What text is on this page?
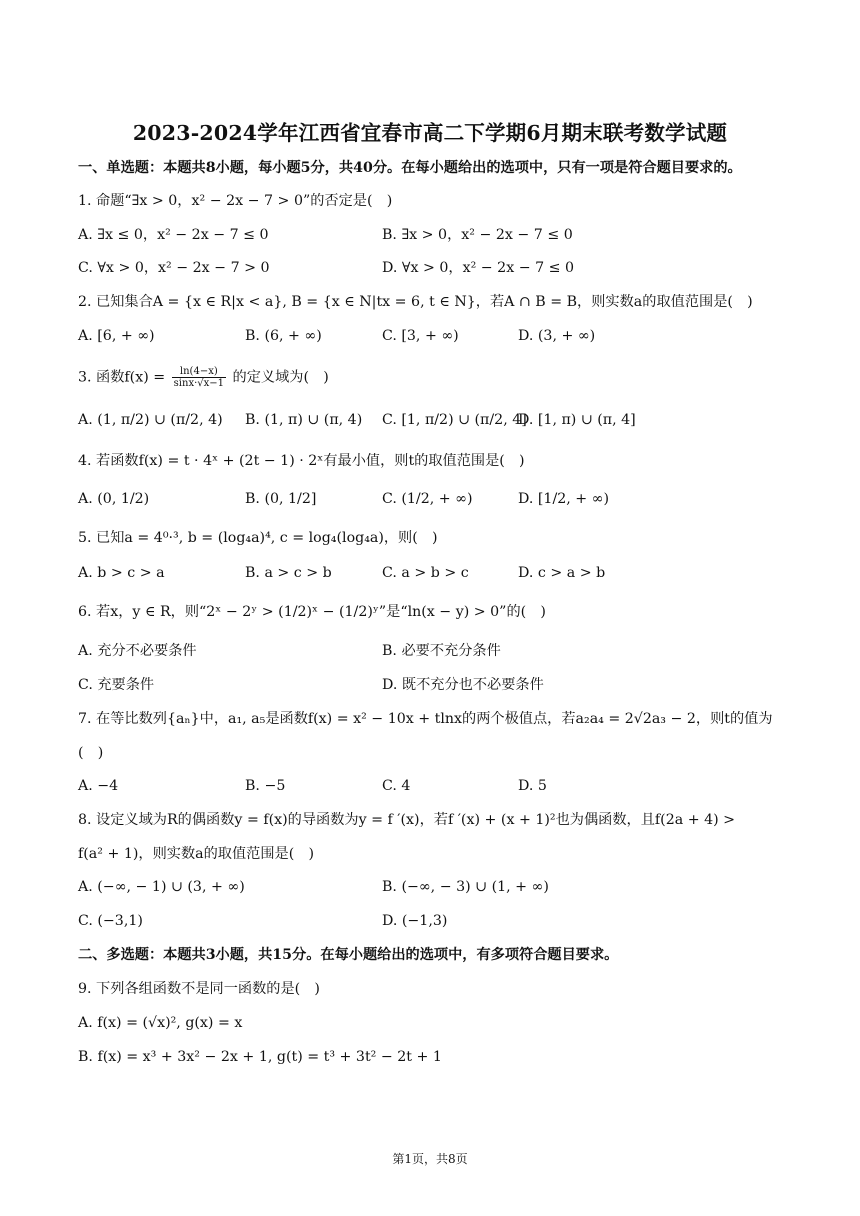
2023-2024学年江西省宜春市高二下学期6月期末联考数学试题
一、单选题：本题共8小题，每小题5分，共40分。在每小题给出的选项中，只有一项是符合题目要求的。
1. 命题“∃x > 0，x² − 2x − 7 > 0”的否定是(　)
A. ∃x ≤ 0，x² − 2x − 7 ≤ 0	B. ∃x > 0，x² − 2x − 7 ≤ 0
C. ∀x > 0，x² − 2x − 7 > 0	D. ∀x > 0，x² − 2x − 7 ≤ 0
2. 已知集合A = {x ∈ R|x < a}, B = {x ∈ N|tx = 6, t ∈ N}，若A ∩ B = B，则实数a的取值范围是(　)
A. [6, + ∞)	B. (6, + ∞)	C. [3, + ∞)	D. (3, + ∞)
3. 函数$f(x) = \frac{\ln(4-x)}{\sin x\cdot√x-1}$ 的定义域为(　)
A. (1, π/2) ∪ (π/2, 4) B. (1, π) ∪ (π, 4) C. [1, π/2) ∪ (π/2, 4]
D. [1, π) ∪ (π, 4]
4. 若函数f(x) = t · 4ˣ + (2t − 1) · 2ˣ有最小值，则t的取值范围是(　)
A. (0, 1/2)	B. (0, 1/2]	C. (1/2, + ∞)	D. [1/2, + ∞)
5. 已知a = 4⁰·³, b = (log₄a)⁴, c = log₄(log₄a)，则(　)
A. b > c > a	B. a > c > b	C. a > b > c	D. c > a > b
6. 若x，y ∈ R，则“2ˣ − 2ʸ > (1/2)ˣ − (1/2)ʸ”是“ln(x − y) > 0”的(　)
A. 充分不必要条件	B. 必要不充分条件
C. 充要条件	D. 既不充分也不必要条件
7. 在等比数列{aₙ}中，a₁, a₅是函数f(x) = x² − 10x + tlnx的两个极值点，若a₂a₄ = 2√2a₃ − 2，则t的值为
(　)
A. −4	B. −5	C. 4	D. 5
8. 设定义域为R的偶函数y = f(x)的导函数为y = f ′(x)，若f ′(x) + (x + 1)²也为偶函数，且f(2a + 4) >
f(a² + 1)，则实数a的取值范围是(　)
A. (−∞, − 1) ∪ (3, + ∞)	B. (−∞, − 3) ∪ (1, + ∞)
C. (−3,1)	D. (−1,3)
二、多选题：本题共3小题，共15分。在每小题给出的选项中，有多项符合题目要求。
9. 下列各组函数不是同一函数的是(　)
A. f(x) = (√x)², g(x) = x
B. f(x) = x³ + 3x² − 2x + 1, g(t) = t³ + 3t² − 2t + 1
第1页，共8页
